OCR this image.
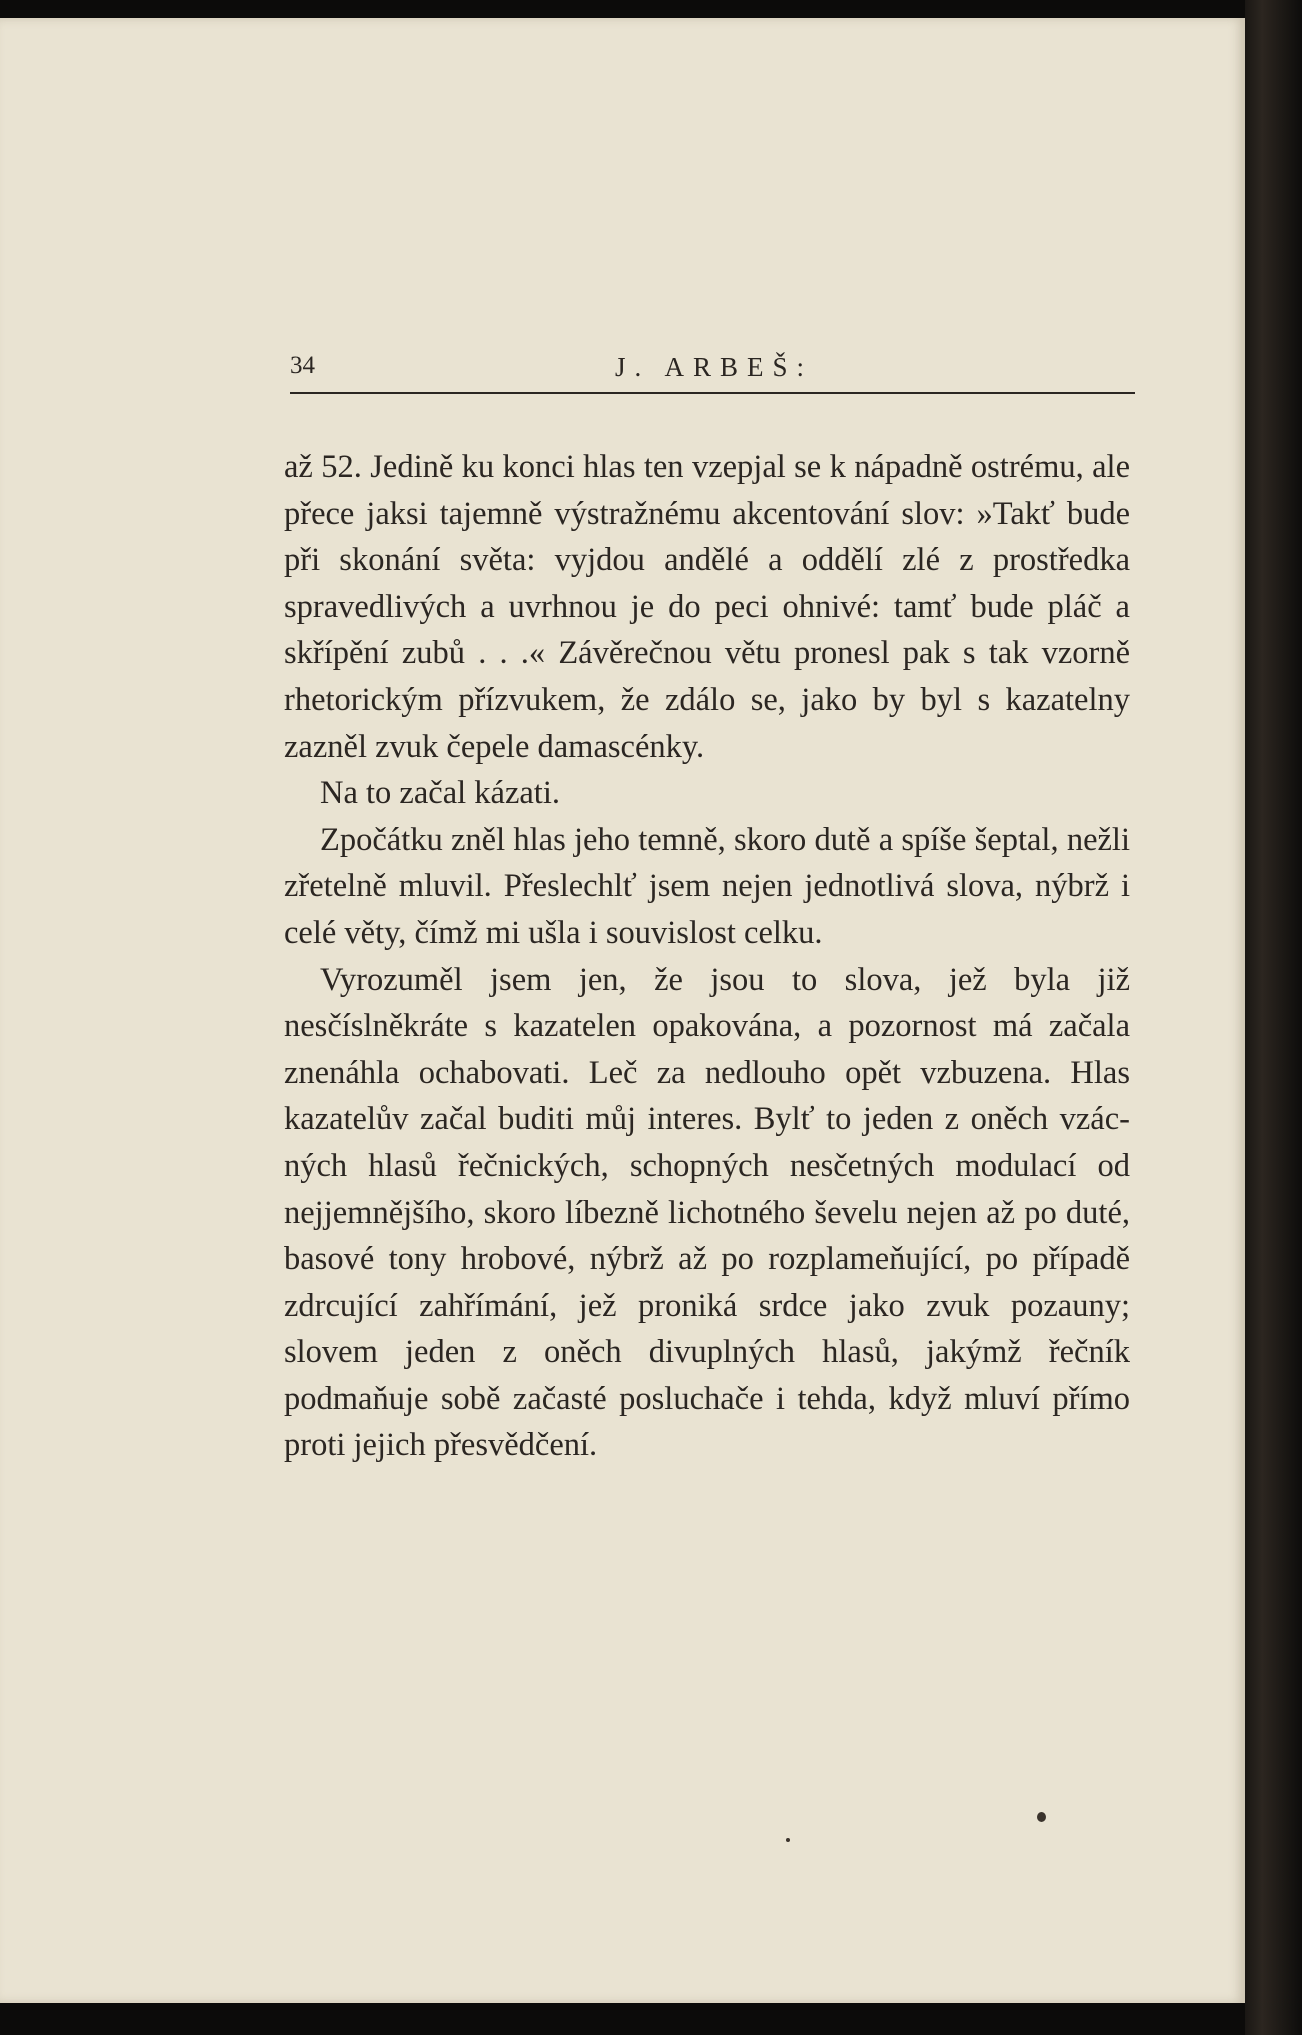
34	J. ARBEŠ:

až 52. Jedině ku konci hlas ten vzepjal se k nápadně ostrému, ale přece jaksi tajemně výstražnému akcentování slov: »Takť bude při skonání světa: vyjdou andělé a oddělí zlé z prostředka spravedlivých a uvrhnou je do peci ohnivé: tamť bude pláč a skřípění zubů . . .« Závěrečnou větu pronesl pak s tak vzorně rhetorickým přízvukem, že zdálo se, jako by byl s kazatelny zazněl zvuk čepele damascénky.

Na to začal kázati.

Zpočátku zněl hlas jeho temně, skoro dutě a spíše šeptal, nežli zřetelně mluvil. Přeslechlť jsem nejen jednotlivá slova, nýbrž i celé věty, čímž mi ušla i souvislost celku.

Vyrozuměl jsem jen, že jsou to slova, jež byla již nesčíslněkráte s kazatelen opakována, a pozornost má začala znenáhla ochabovati. Leč za nedlouho opět vzbuzena. Hlas kazatelův začal buditi můj interes. Bylť to jeden z oněch vzácných hlasů řečnických, schopných nesčetných modulací od nejjemnějšího, skoro líbezně lichotného ševelu nejen až po duté, basové tony hrobové, nýbrž až po rozplameňující, po případě zdrcující zahřímání, jež proniká srdce jako zvuk pozauny; slovem jeden z oněch divuplných hlasů, jakýmž řečník podmaňuje sobě začasté posluchače i tehda, když mluví přímo proti jejich přesvědčení.
